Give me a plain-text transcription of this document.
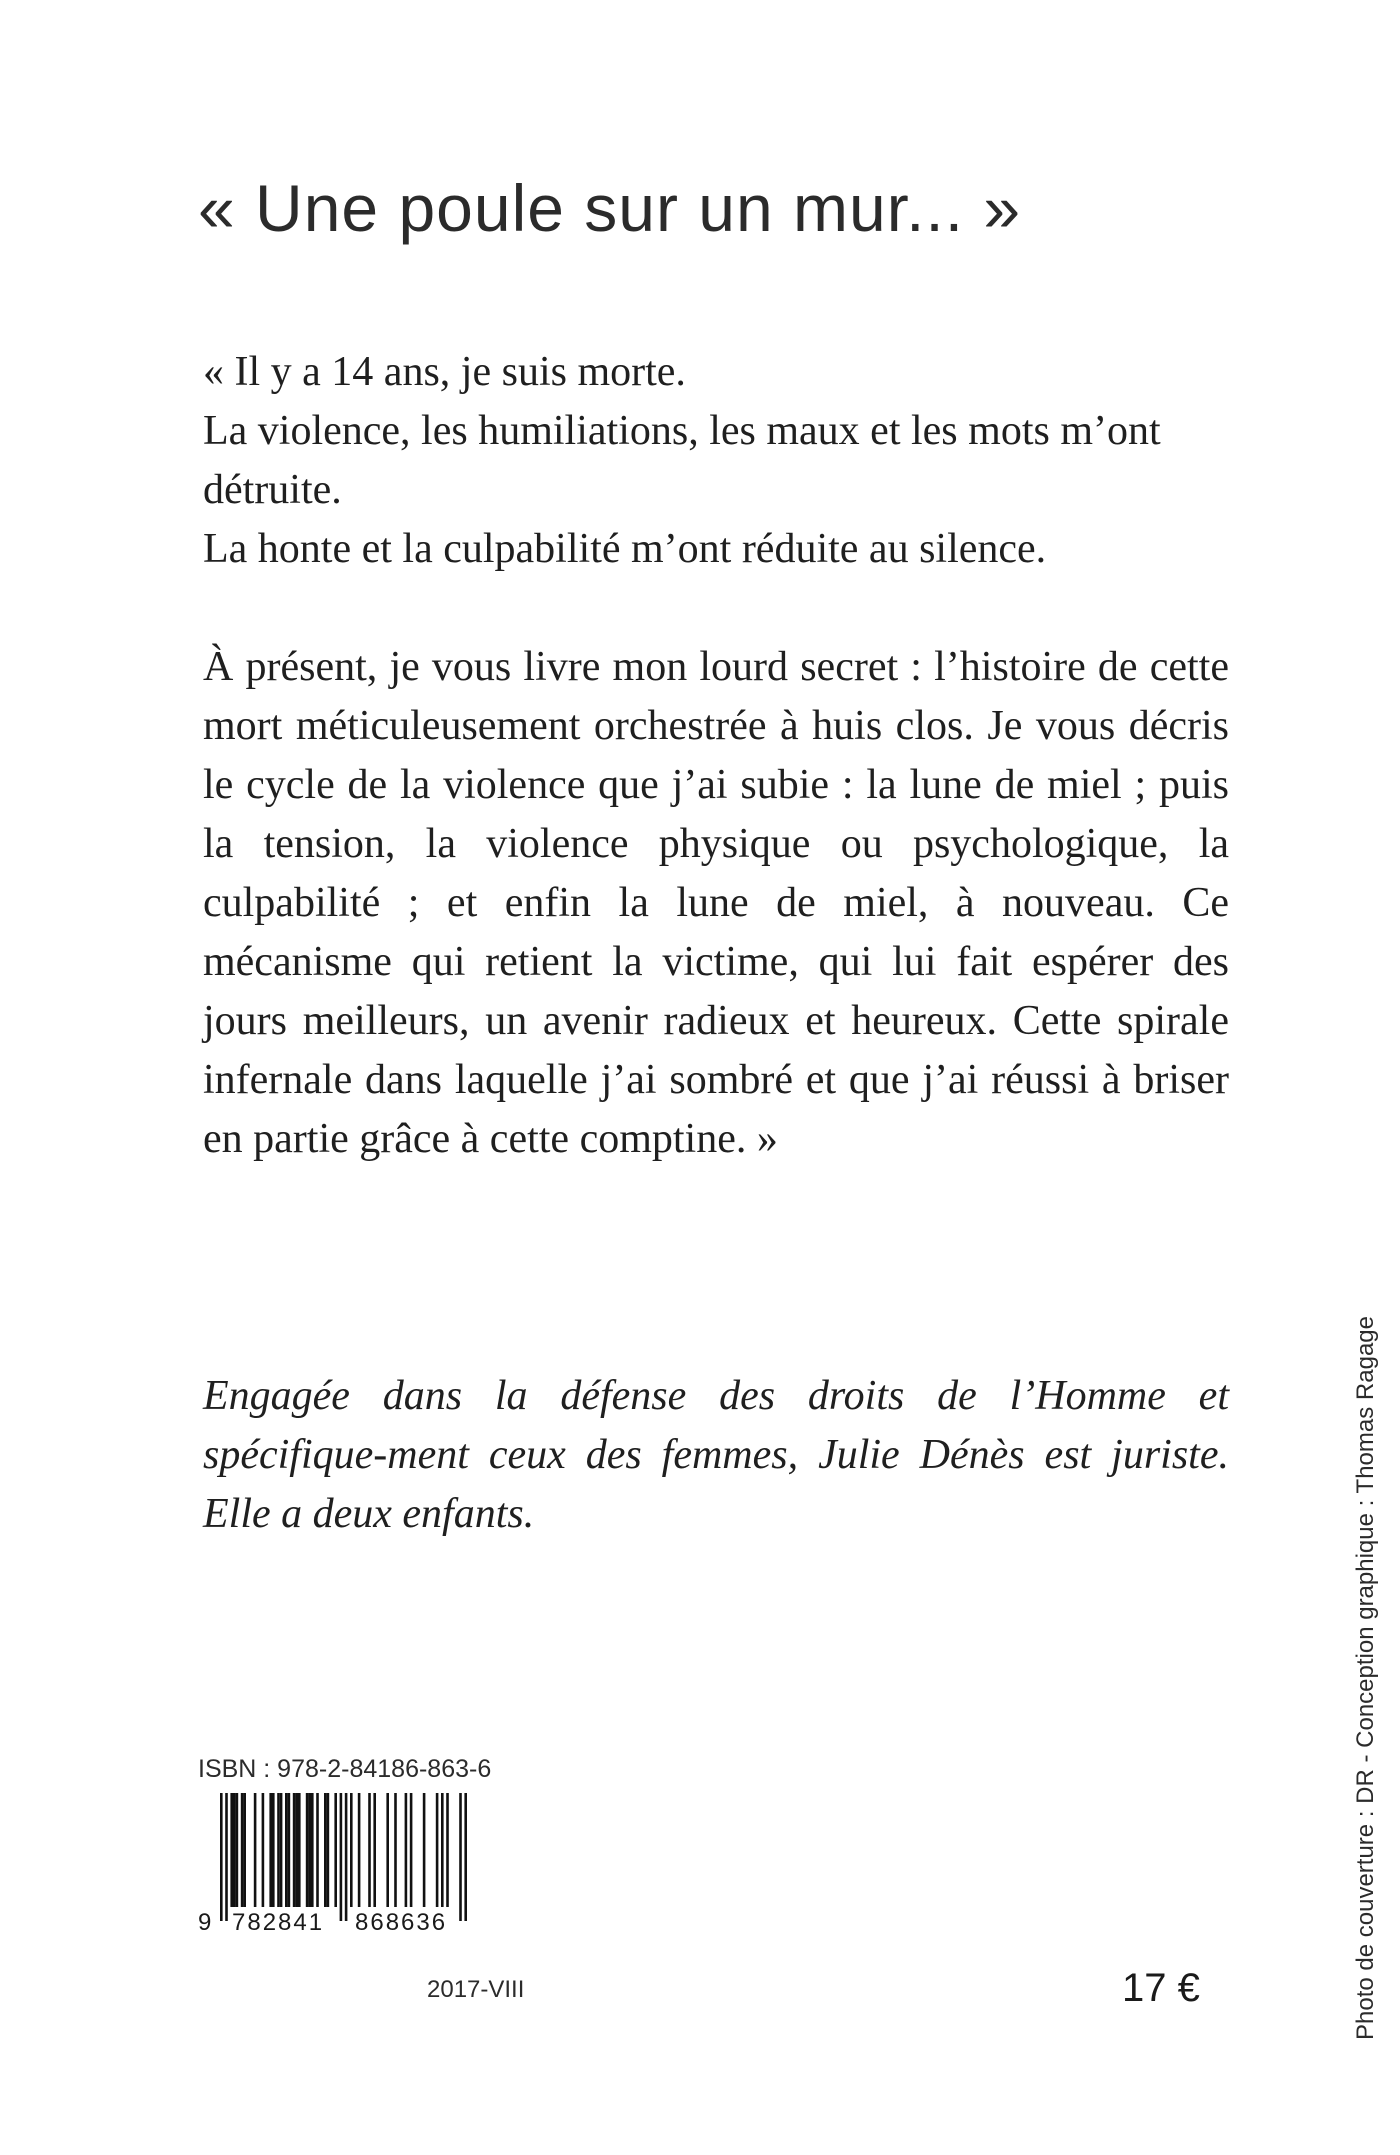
« Une poule sur un mur... »

« Il y a 14 ans, je suis morte.

La violence, les humiliations, les maux et les mots m’ont détruite.

La honte et la culpabilité m’ont réduite au silence.

À présent, je vous livre mon lourd secret : l’histoire de cette mort méticuleusement orchestrée à huis clos. Je vous décris le cycle de la violence que j’ai subie : la lune de miel ; puis la tension, la violence physique ou psychologique, la culpabilité ; et enfin la lune de miel, à nouveau. Ce mécanisme qui retient la victime, qui lui fait espérer des jours meilleurs, un avenir radieux et heureux. Cette spirale infernale dans laquelle j’ai sombré et que j’ai réussi à briser en partie grâce à cette comptine. »

Engagée dans la défense des droits de l’Homme et spécifique-ment ceux des femmes, Julie Dénès est juriste. Elle a deux enfants.
ISBN : 978-2-84186-863-6
9 782841 868636
2017-VIII	17 €	Photo de couverture : DR - Conception graphique : Thomas Ragage
